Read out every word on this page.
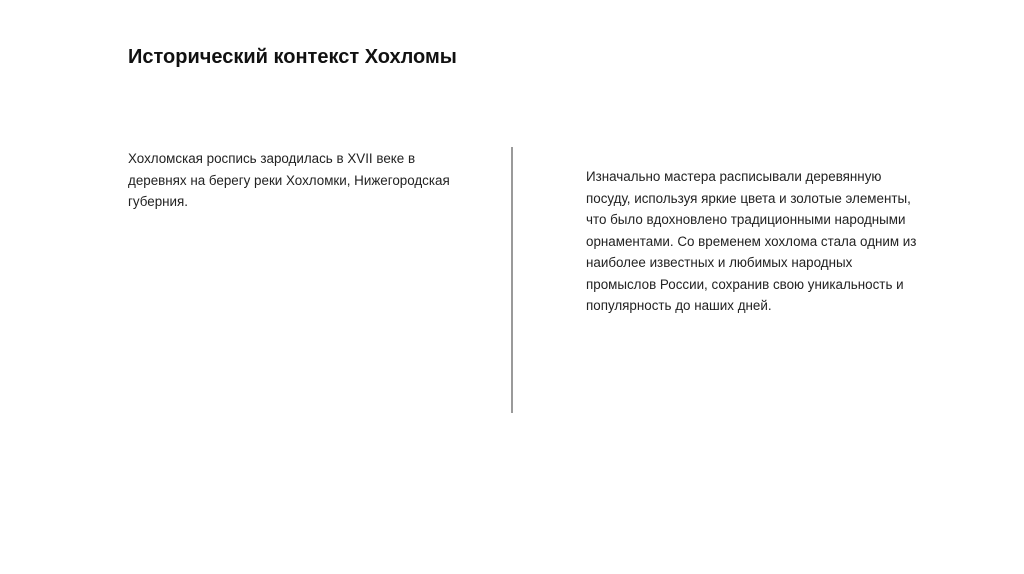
Исторический контекст Хохломы

Хохломская роспись зародилась в XVII веке в деревнях на берегу реки Хохломки, Нижегородская губерния.

Изначально мастера расписывали деревянную посуду, используя яркие цвета и золотые элементы, что было вдохновлено традиционными народными орнаментами. Со временем хохлома стала одним из наиболее известных и любимых народных промыслов России, сохранив свою уникальность и популярность до наших дней.
